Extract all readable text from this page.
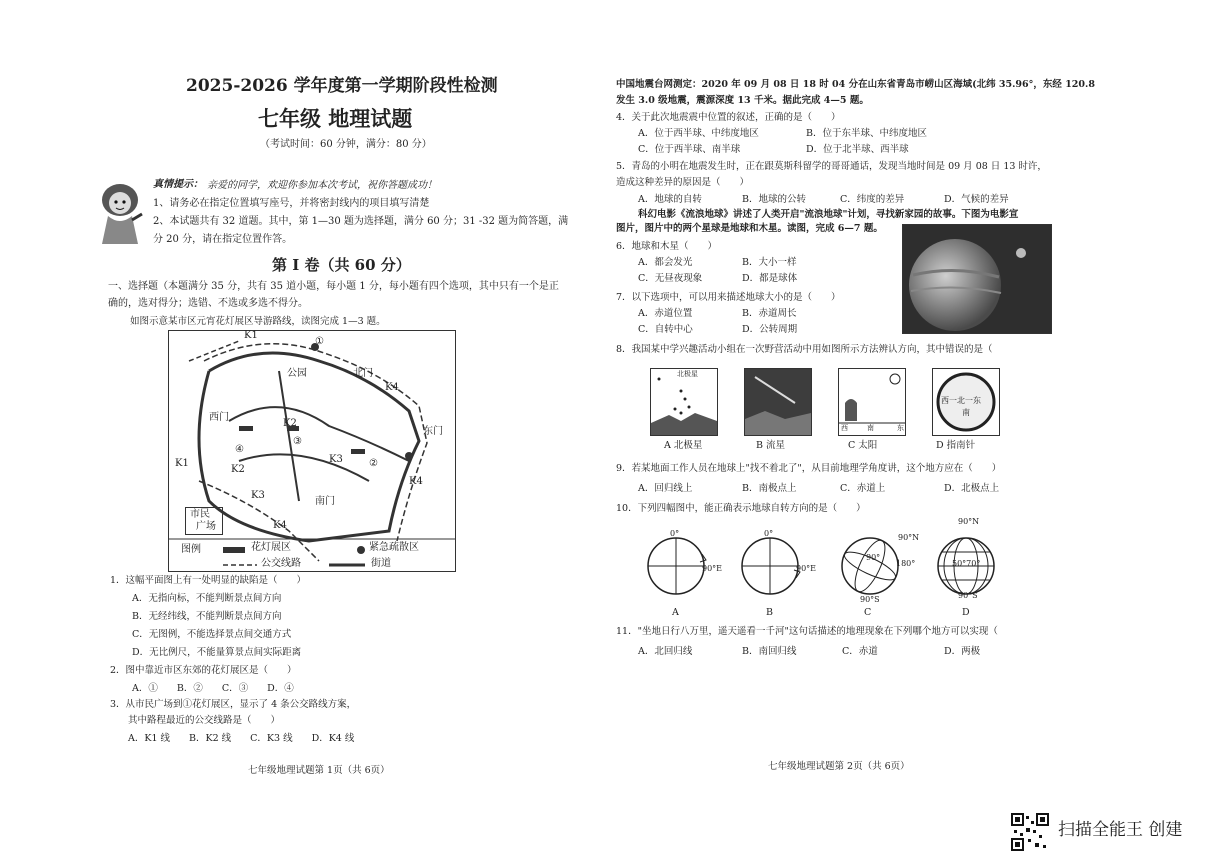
2025-2026 学年度第一学期阶段性检测
七年级 地理试题
（考试时间：60 分钟，满分：80 分）
真情提示： 亲爱的同学，欢迎你参加本次考试，祝你答题成功！
1、请务必在指定位置填写座号，并将密封线内的项目填写清楚
2、本试题共有 32 道题。其中，第 1—30 题为选择题，满分 60 分；31 -32 题为简答题，满
分 20 分，请在指定位置作答。
第 I 卷（共 60 分）
一、选择题（本题满分 35 分，共有 35 道小题，每小题 1 分，每小题有四个选项，其中只有一个是正
确的，选对得分；选错、不选或多选不得分。
如图示意某市区元宵花灯展区导游路线，读图完成 1—3 题。
K1
①
公园	北门
K4
西门
K2
东门
④
③
K3
K1
K2
②
K4
K3
南门
K4
市民
广场
图例	花灯展区	紧急疏散区
公交线路	街道
1．这幅平面图上有一处明显的缺陷是（　　）
A．无指向标，不能判断景点间方向
B．无经纬线，不能判断景点间方向
C．无图例，不能选择景点间交通方式
D．无比例尺，不能量算景点间实际距离
2．图中靠近市区东郊的花灯展区是（　　）
A．①　　B．②　　C．③　　D．④
3．从市民广场到①花灯展区，显示了 4 条公交路线方案，
其中路程最近的公交线路是（　　）
A．K1 线　　B．K2 线　　C．K3 线　　D．K4 线
七年级地理试题第 1页（共 6页）
中国地震台网测定：2020 年 09 月 08 日 18 时 04 分在山东省青岛市崂山区海域(北纬 35.96°，东经 120.8
发生 3.0 级地震，震源深度 13 千米。据此完成 4—5 题。
4．关于此次地震震中位置的叙述，正确的是（　　）
A．位于西半球、中纬度地区	B．位于东半球、中纬度地区
C．位于西半球、南半球	D．位于北半球、西半球
5．青岛的小明在地震发生时，正在跟莫斯科留学的哥哥通话，发现当地时间是 09 月 08 日 13 时许，
造成这种差异的原因是（　　）
A．地球的自转	B．地球的公转	C．纬度的差异	D．气候的差异
科幻电影《流浪地球》讲述了人类开启"流浪地球"计划，寻找新家园的故事。下图为电影宣
图片，图片中的两个星球是地球和木星。读图，完成 6—7 题。
6．地球和木星（　　）
A．都会发光	B．大小一样
C．无昼夜现象	D．都是球体
7．以下选项中，可以用来描述地球大小的是（　　）
A．赤道位置	B．赤道周长
C．自转中心	D．公转周期
8．我国某中学兴趣活动小组在一次野营活动中用如图所示方法辨认方向，其中错误的是（
北极星
西	南	东
西一北一东
南
A 北极星	B 流星	C 太阳	D 指南针
9．若某地面工作人员在地球上"找不着北了"，从目前地理学角度讲，这个地方应在（　　）
A．回归线上	B．南极点上	C．赤道上	D．北极点上
10．下列四幅图中，能正确表示地球自转方向的是（　　）
0°
90°E
0°
90°E
90°N
90°
180°
90°S
90°N
50°70°
90°S
A	B	C	D
11．"坐地日行八万里，遥天遥看一千河"这句话描述的地理现象在下列哪个地方可以实现（
A．北回归线	B．南回归线	C．赤道	D．两极
七年级地理试题第 2页（共 6页）
扫描全能王 创建
